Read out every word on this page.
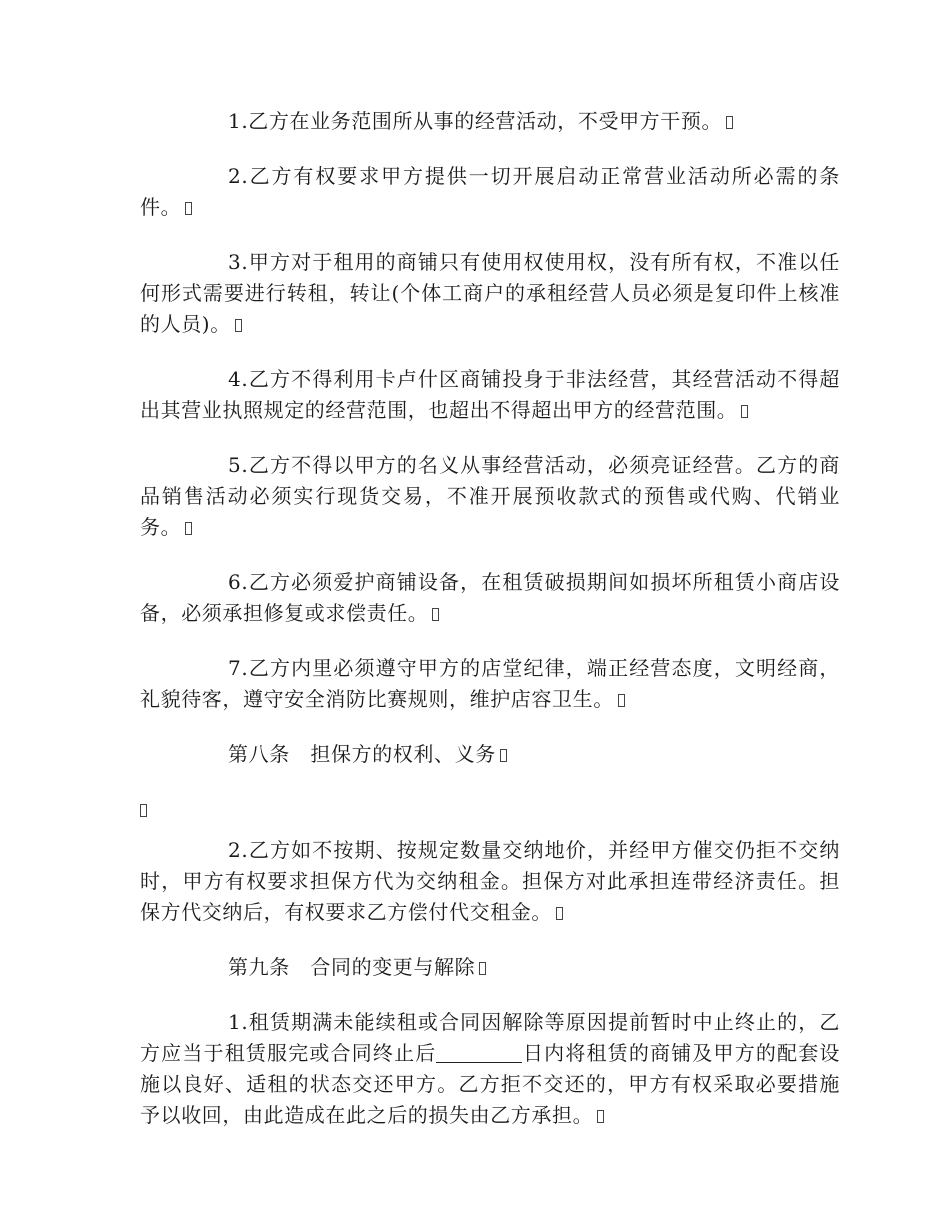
1.乙方在业务范围所从事的经营活动，不受甲方干预。

2.乙方有权要求甲方提供一切开展启动正常营业活动所必需的条件。

3.甲方对于租用的商铺只有使用权使用权，没有所有权，不准以任何形式需要进行转租，转让(个体工商户的承租经营人员必须是复印件上核准的人员)。

4.乙方不得利用卡卢什区商铺投身于非法经营，其经营活动不得超出其营业执照规定的经营范围，也超出不得超出甲方的经营范围。

5.乙方不得以甲方的名义从事经营活动，必须亮证经营。乙方的商品销售活动必须实行现货交易，不准开展预收款式的预售或代购、代销业务。

6.乙方必须爱护商铺设备，在租赁破损期间如损坏所租赁小商店设备，必须承担修复或求偿责任。

7.乙方内里必须遵守甲方的店堂纪律，端正经营态度，文明经商，礼貌待客，遵守安全消防比赛规则，维护店容卫生。

第八条　担保方的权利、义务

2.乙方如不按期、按规定数量交纳地价，并经甲方催交仍拒不交纳时，甲方有权要求担保方代为交纳租金。担保方对此承担连带经济责任。担保方代交纳后，有权要求乙方偿付代交租金。

第九条　合同的变更与解除

1.租赁期满未能续租或合同因解除等原因提前暂时中止终止的，乙方应当于租赁服完或合同终止后	日内将租赁的商铺及甲方的配套设施以良好、适租的状态交还甲方。乙方拒不交还的，甲方有权采取必要措施予以收回，由此造成在此之后的损失由乙方承担。
